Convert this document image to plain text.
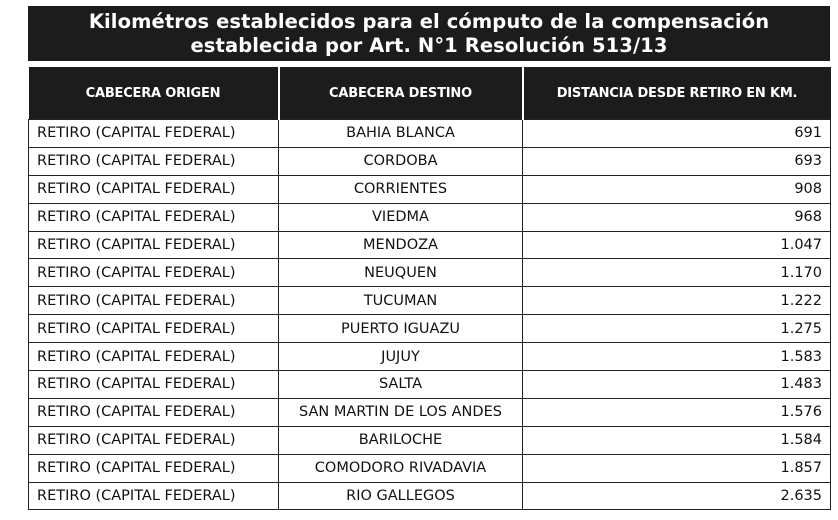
Kilométros establecidos para el cómputo de la compensación
establecida por Art. N°1 Resolución 513/13
CABECERA ORIGEN	CABECERA DESTINO	DISTANCIA DESDE RETIRO EN KM.
RETIRO (CAPITAL FEDERAL)	BAHIA BLANCA	691
RETIRO (CAPITAL FEDERAL)	CORDOBA	693
RETIRO (CAPITAL FEDERAL)	CORRIENTES	908
RETIRO (CAPITAL FEDERAL)	VIEDMA	968
RETIRO (CAPITAL FEDERAL)	MENDOZA	1.047
RETIRO (CAPITAL FEDERAL)	NEUQUEN	1.170
RETIRO (CAPITAL FEDERAL)	TUCUMAN	1.222
RETIRO (CAPITAL FEDERAL)	PUERTO IGUAZU	1.275
RETIRO (CAPITAL FEDERAL)	JUJUY	1.583
RETIRO (CAPITAL FEDERAL)	SALTA	1.483
RETIRO (CAPITAL FEDERAL)	SAN MARTIN DE LOS ANDES	1.576
RETIRO (CAPITAL FEDERAL)	BARILOCHE	1.584
RETIRO (CAPITAL FEDERAL)	COMODORO RIVADAVIA	1.857
RETIRO (CAPITAL FEDERAL)	RIO GALLEGOS	2.635
